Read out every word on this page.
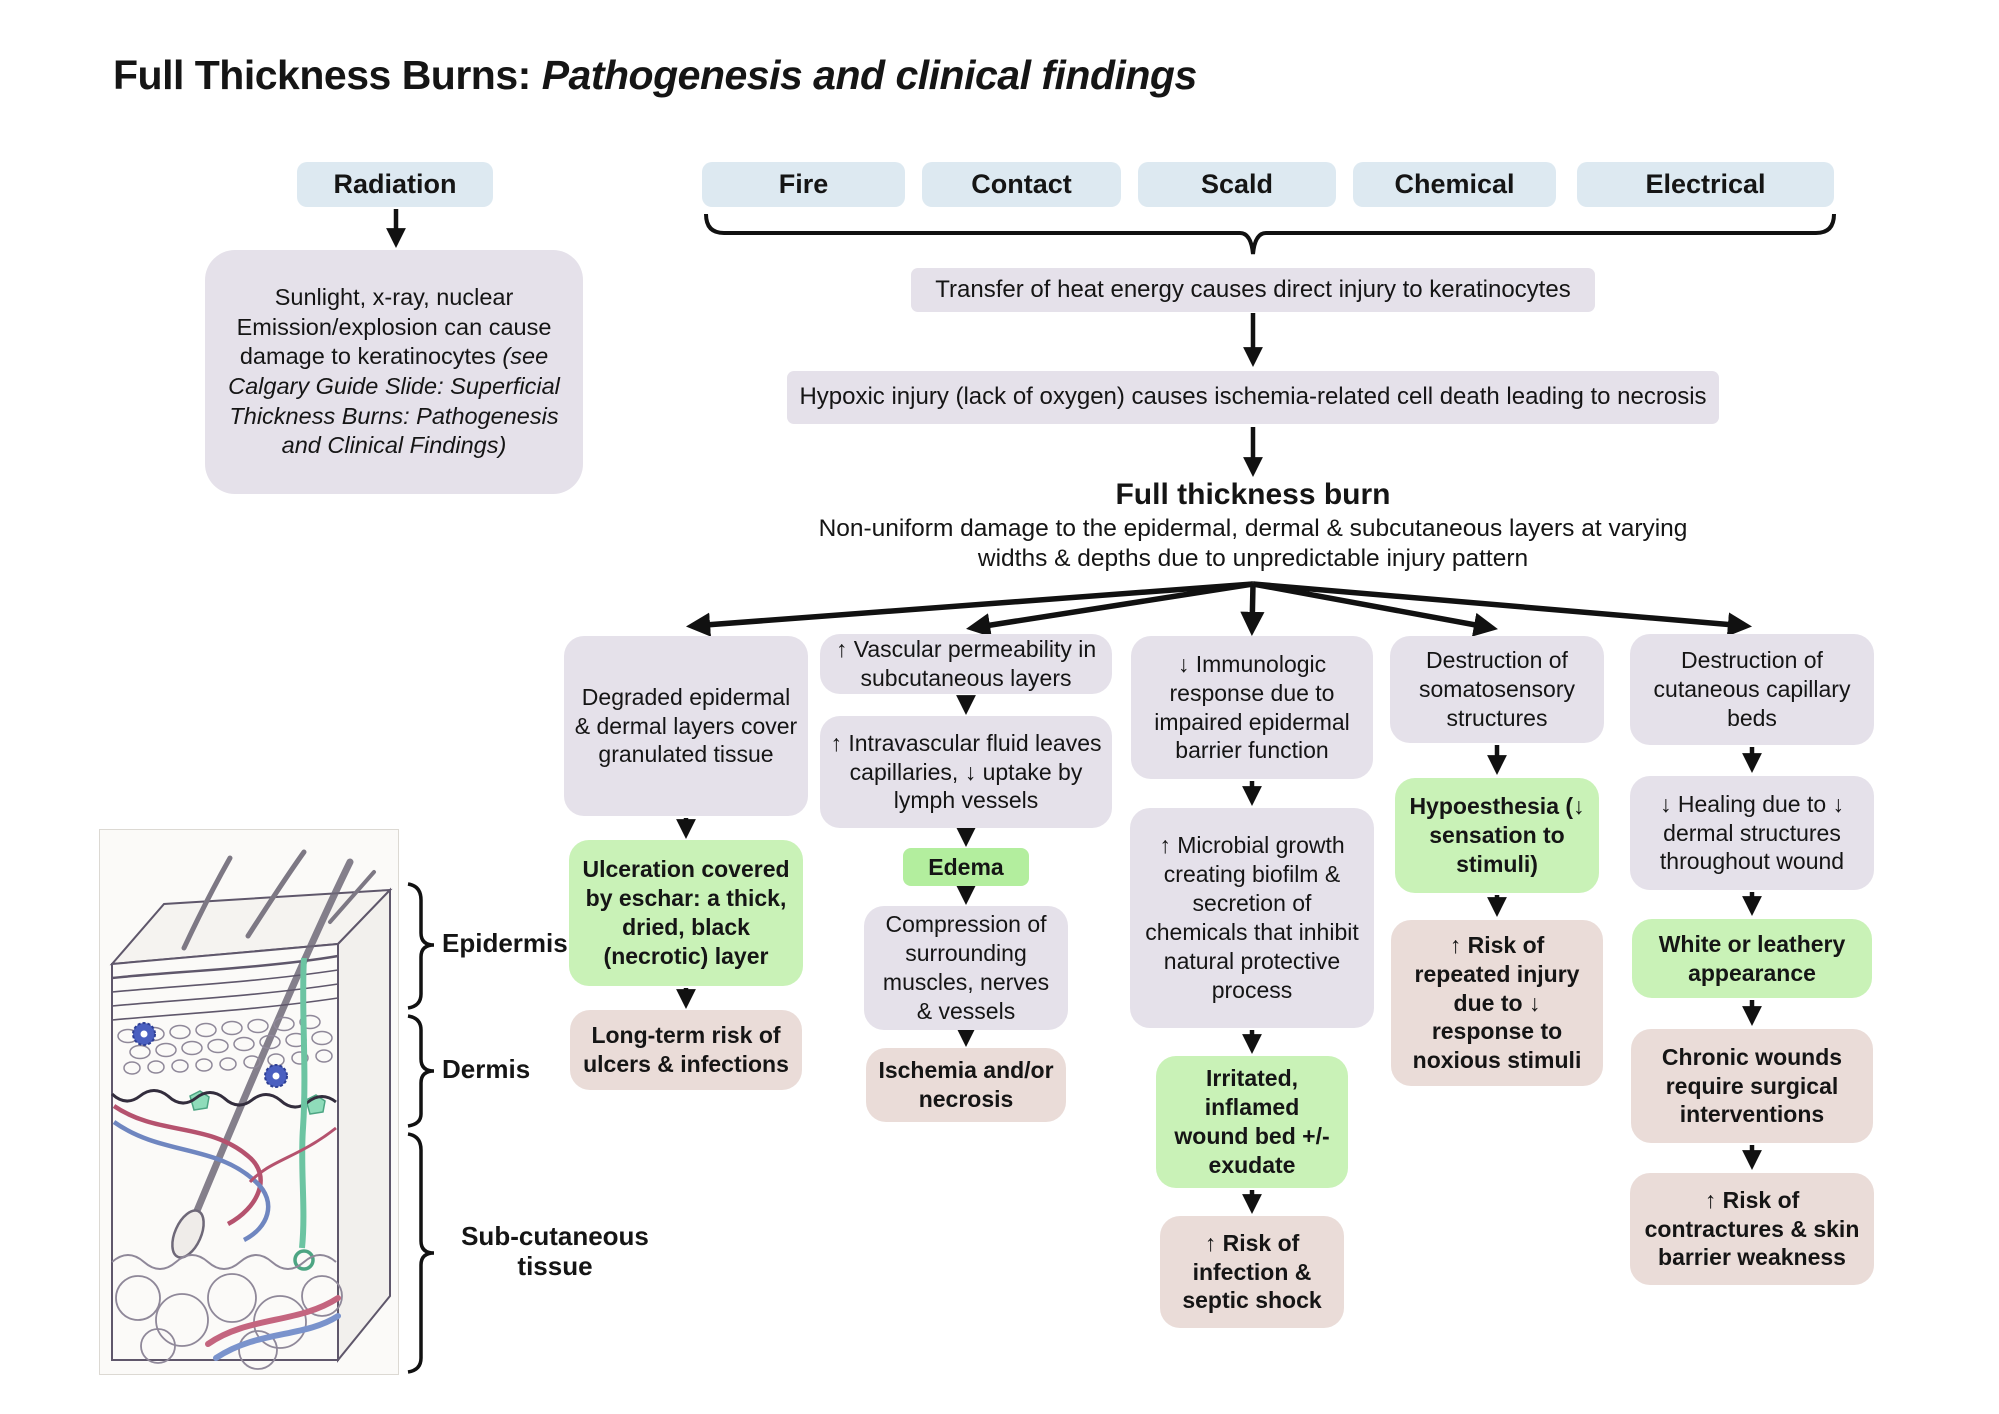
Full Thickness Burns: Pathogenesis and clinical findings
Radiation	Fire	Contact	Scald	Chemical	Electrical
Sunlight, x-ray, nuclear Emission/explosion can cause damage to keratinocytes (see Calgary Guide Slide: Superficial Thickness Burns: Pathogenesis and Clinical Findings)
Transfer of heat energy causes direct injury to keratinocytes
Hypoxic injury (lack of oxygen) causes ischemia-related cell death leading to necrosis
Full thickness burn
Non-uniform damage to the epidermal, dermal & subcutaneous layers at varying widths & depths due to unpredictable injury pattern
Degraded epidermal & dermal layers cover granulated tissue
Ulceration covered by eschar: a thick, dried, black (necrotic) layer
Long-term risk of ulcers & infections
↑ Vascular permeability in subcutaneous layers
↑ Intravascular fluid leaves capillaries, ↓ uptake by lymph vessels
Edema
Compression of surrounding muscles, nerves & vessels
Ischemia and/or necrosis
↓ Immunologic response due to impaired epidermal barrier function
↑ Microbial growth creating biofilm & secretion of chemicals that inhibit natural protective process
Irritated, inflamed wound bed +/- exudate
↑ Risk of infection & septic shock
Destruction of somatosensory structures
Hypoesthesia (↓ sensation to stimuli)
↑ Risk of repeated injury due to ↓ response to noxious stimuli
Destruction of cutaneous capillary beds
↓ Healing due to ↓ dermal structures throughout wound
White or leathery appearance
Chronic wounds require surgical interventions
↑ Risk of contractures & skin barrier weakness
Epidermis
Dermis
Sub-cutaneous tissue
